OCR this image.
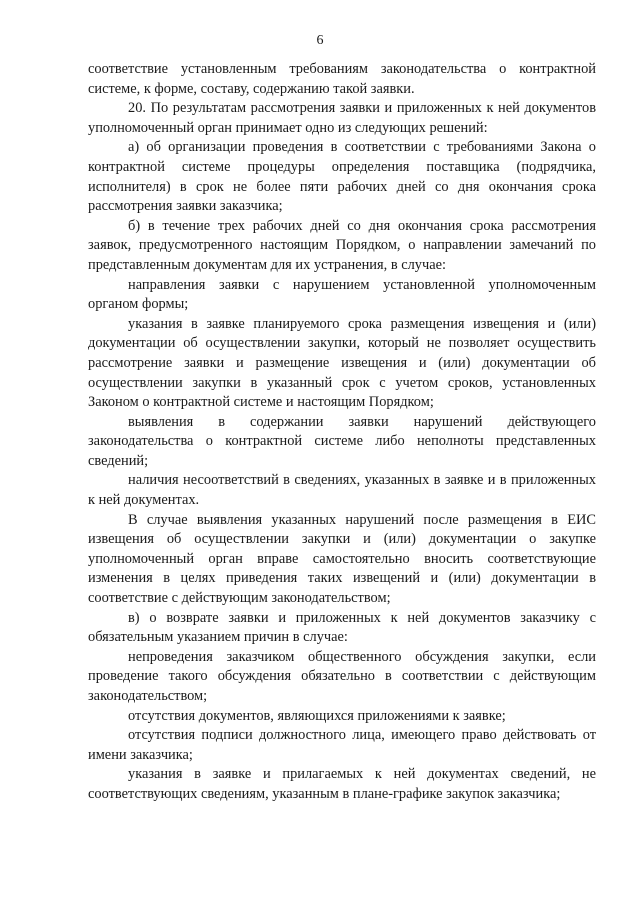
6

соответствие установленным требованиям законодательства о контрактной системе, к форме, составу, содержанию такой заявки.

20. По результатам рассмотрения заявки и приложенных к ней документов уполномоченный орган принимает одно из следующих решений:

а) об организации проведения в соответствии с требованиями Закона о контрактной системе процедуры определения поставщика (подрядчика, исполнителя) в срок не более пяти рабочих дней со дня окончания срока рассмотрения заявки заказчика;

б) в течение трех рабочих дней со дня окончания срока рассмотрения заявок, предусмотренного настоящим Порядком, о направлении замечаний по представленным документам для их устранения, в случае:

направления заявки с нарушением установленной уполномоченным органом формы;

указания в заявке планируемого срока размещения извещения и (или) документации об осуществлении закупки, который не позволяет осуществить рассмотрение заявки и размещение извещения и (или) документации об осуществлении закупки в указанный срок с учетом сроков, установленных Законом о контрактной системе и настоящим Порядком;

выявления в содержании заявки нарушений действующего законодательства о контрактной системе либо неполноты представленных сведений;

наличия несоответствий в сведениях, указанных в заявке и в приложенных к ней документах.

В случае выявления указанных нарушений после размещения в ЕИС извещения об осуществлении закупки и (или) документации о закупке уполномоченный орган вправе самостоятельно вносить соответствующие изменения в целях приведения таких извещений и (или) документации в соответствие с действующим законодательством;

в) о возврате заявки и приложенных к ней документов заказчику с обязательным указанием причин в случае:

непроведения заказчиком общественного обсуждения закупки, если проведение такого обсуждения обязательно в соответствии с действующим законодательством;

отсутствия документов, являющихся приложениями к заявке;

отсутствия подписи должностного лица, имеющего право действовать от имени заказчика;

указания в заявке и прилагаемых к ней документах сведений, не соответствующих сведениям, указанным в плане-графике закупок заказчика;
